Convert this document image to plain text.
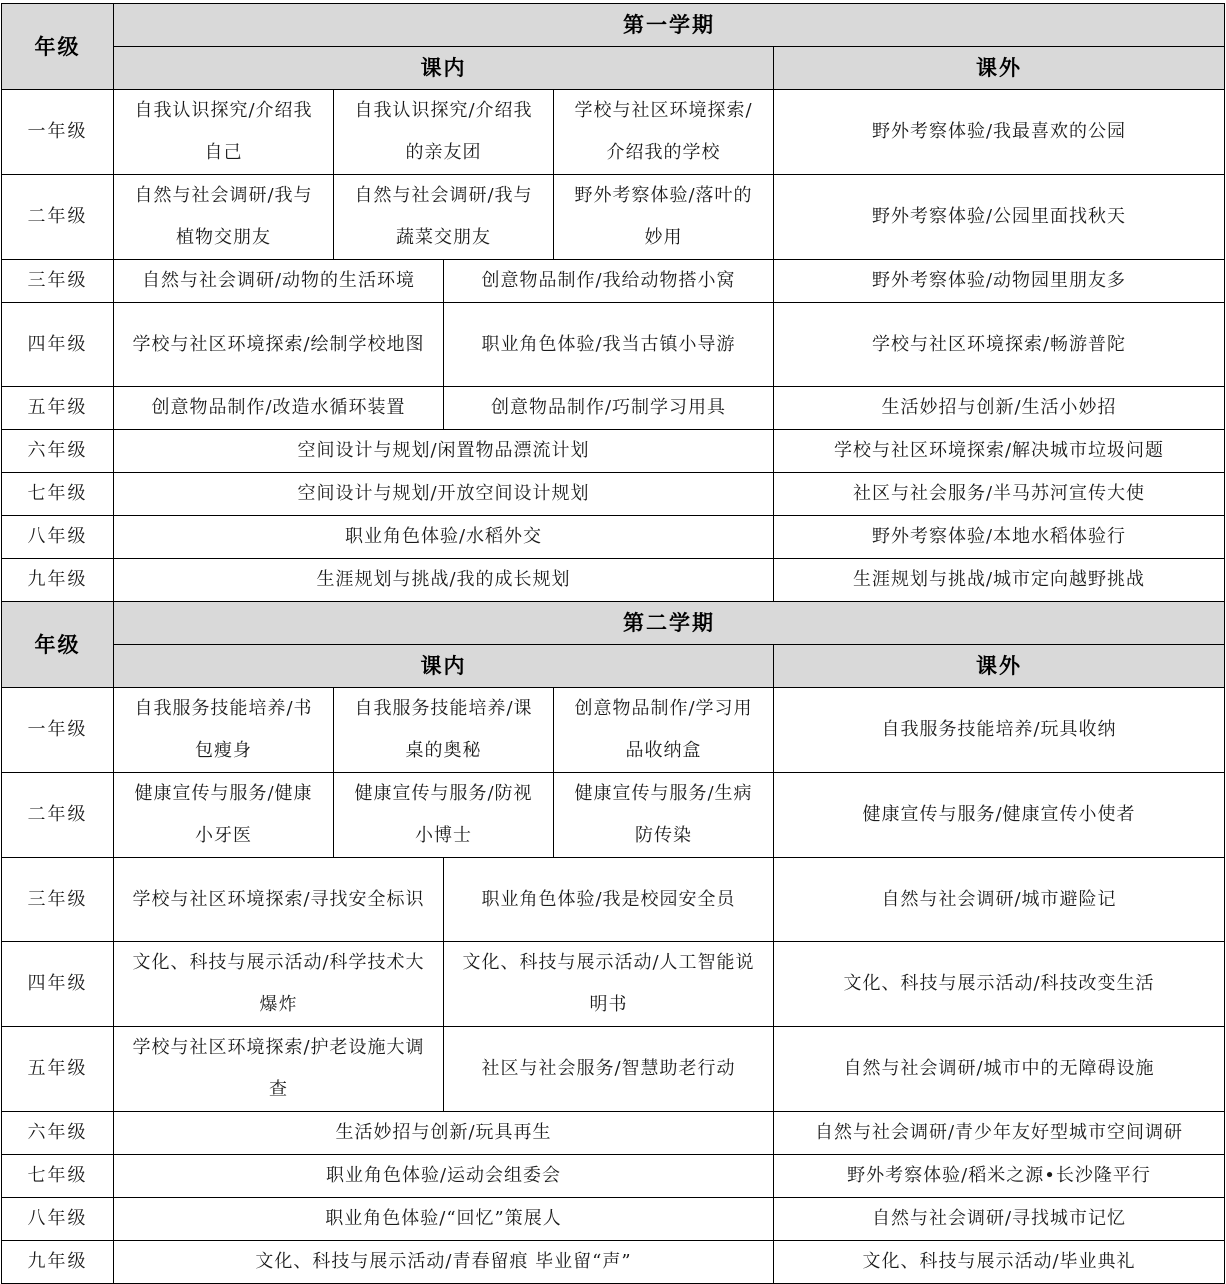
年级	第一学期				
	课内				课外
一年级	自我认识探究/介绍我自己	自我认识探究/介绍我的亲友团		学校与社区环境探索/介绍我的学校	野外考察体验/我最喜欢的公园
二年级	自然与社会调研/我与植物交朋友	自然与社会调研/我与蔬菜交朋友		野外考察体验/落叶的妙用	野外考察体验/公园里面找秋天
三年级	自然与社会调研/动物的生活环境		创意物品制作/我给动物搭小窝		野外考察体验/动物园里朋友多
四年级	学校与社区环境探索/绘制学校地图		职业角色体验/我当古镇小导游		学校与社区环境探索/畅游普陀
五年级	创意物品制作/改造水循环装置		创意物品制作/巧制学习用具		生活妙招与创新/生活小妙招
六年级	空间设计与规划/闲置物品漂流计划				学校与社区环境探索/解决城市垃圾问题
七年级	空间设计与规划/开放空间设计规划				社区与社会服务/半马苏河宣传大使
八年级	职业角色体验/水稻外交				野外考察体验/本地水稻体验行
九年级	生涯规划与挑战/我的成长规划				生涯规划与挑战/城市定向越野挑战
年级	第二学期				
	课内				课外
一年级	自我服务技能培养/书包瘦身	自我服务技能培养/课桌的奥秘		创意物品制作/学习用品收纳盒	自我服务技能培养/玩具收纳
二年级	健康宣传与服务/健康小牙医	健康宣传与服务/防视小博士		健康宣传与服务/生病防传染	健康宣传与服务/健康宣传小使者
三年级	学校与社区环境探索/寻找安全标识		职业角色体验/我是校园安全员		自然与社会调研/城市避险记
四年级	文化、科技与展示活动/科学技术大爆炸		文化、科技与展示活动/人工智能说明书		文化、科技与展示活动/科技改变生活
五年级	学校与社区环境探索/护老设施大调查		社区与社会服务/智慧助老行动		自然与社会调研/城市中的无障碍设施
六年级	生活妙招与创新/玩具再生				自然与社会调研/青少年友好型城市空间调研
七年级	职业角色体验/运动会组委会				野外考察体验/稻米之源•长沙隆平行
八年级	职业角色体验/“回忆”策展人				自然与社会调研/寻找城市记忆
九年级	文化、科技与展示活动/青春留痕 毕业留“声”				文化、科技与展示活动/毕业典礼
